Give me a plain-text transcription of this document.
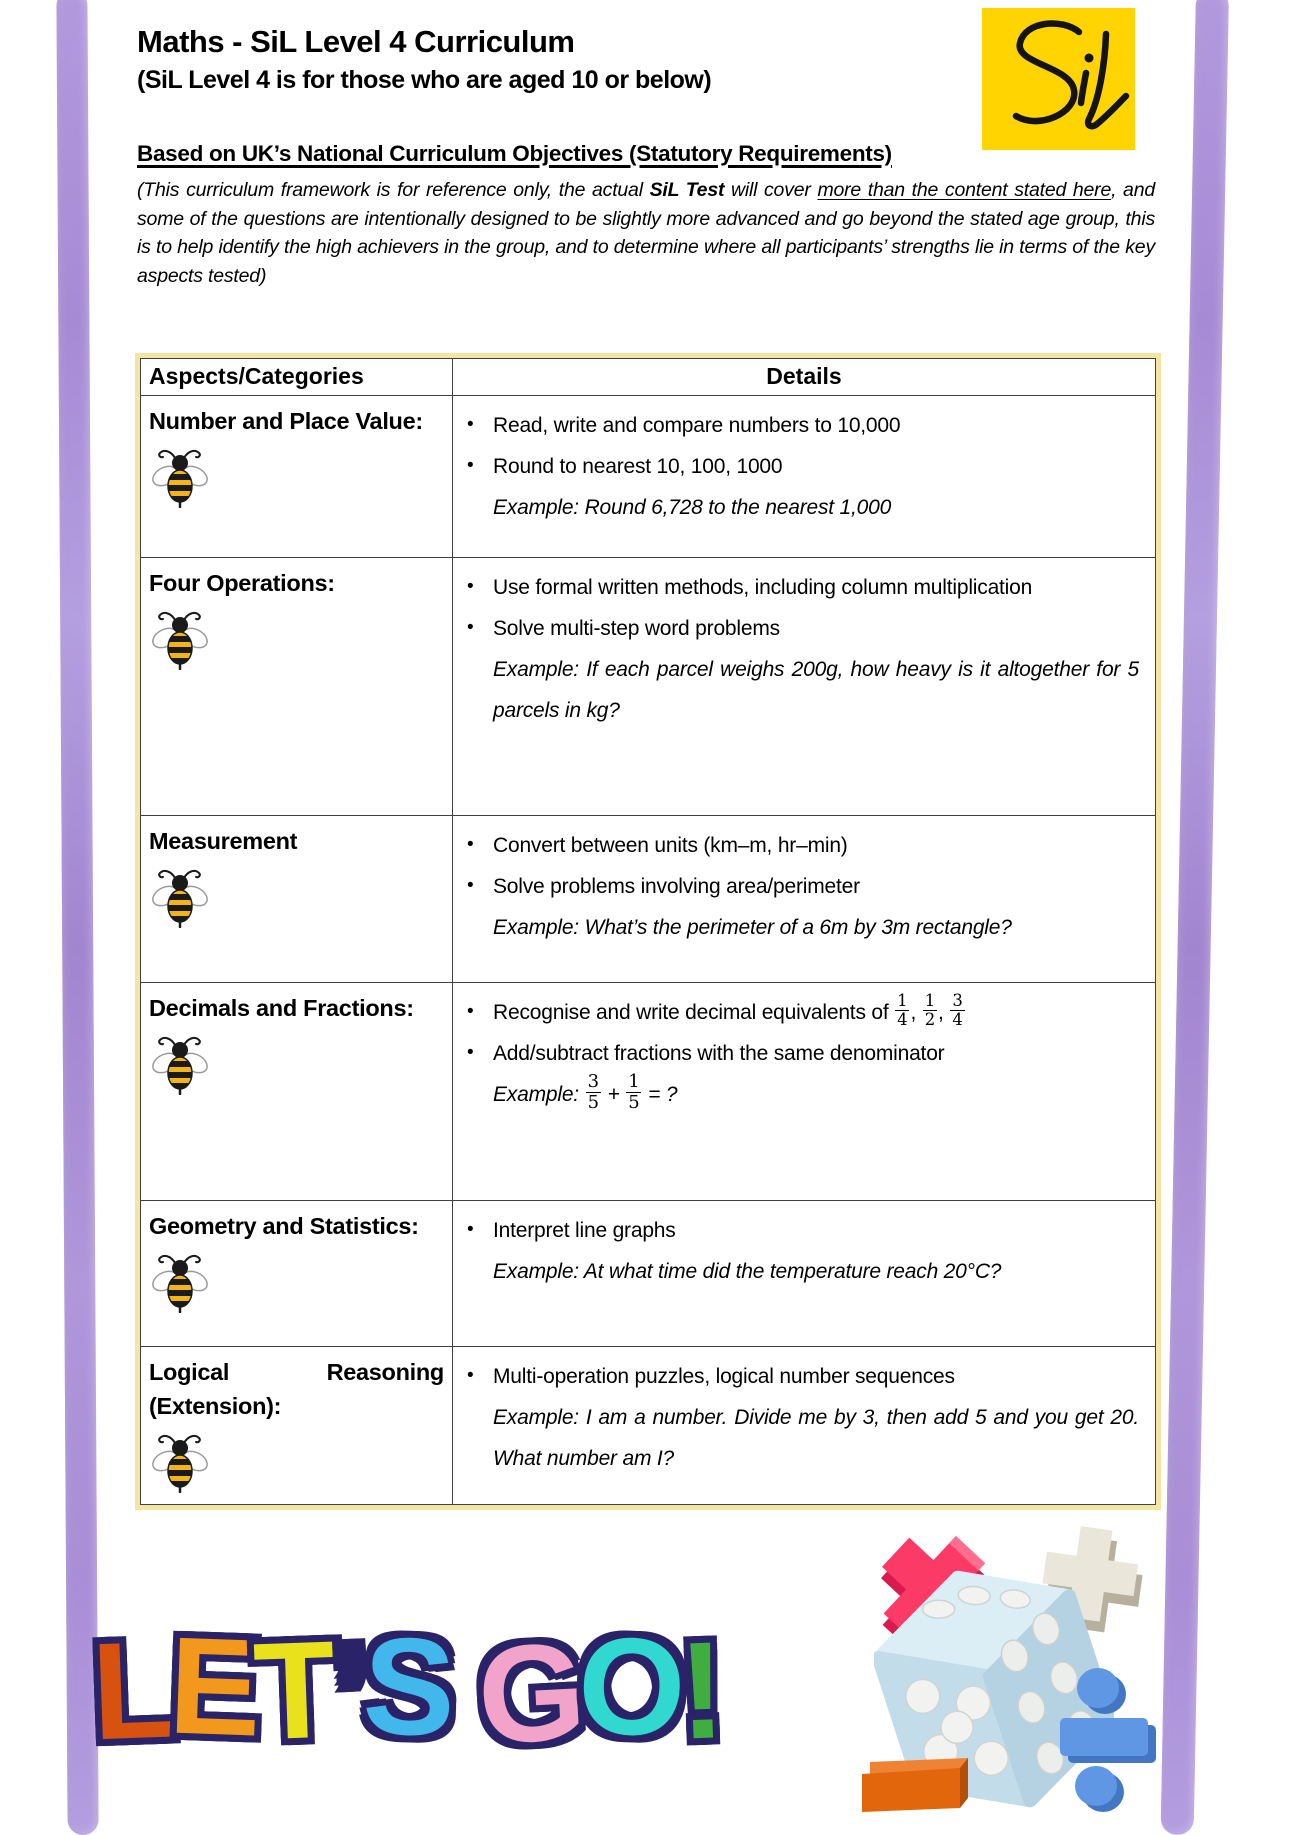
Maths - SiL Level 4 Curriculum
(SiL Level 4 is for those who are aged 10 or below)
Based on UK’s National Curriculum Objectives (Statutory Requirements)
(This curriculum framework is for reference only, the actual SiL Test will cover more than the content stated here, and some of the questions are intentionally designed to be slightly more advanced and go beyond the stated age group, this is to help identify the high achievers in the group, and to determine where all participants’ strengths lie in terms of the key aspects tested)
Aspects/Categories	Details
Number and Place Value:	• Read, write and compare numbers to 10,000
• Round to nearest 10, 100, 1000
Example: Round 6,728 to the nearest 1,000

Four Operations:	• Use formal written methods, including column multiplication
• Solve multi-step word problems
Example: If each parcel weighs 200g, how heavy is it altogether for 5 parcels in kg?

Measurement	• Convert between units (km–m, hr–min)
• Solve problems involving area/perimeter
Example: What’s the perimeter of a 6m by 3m rectangle?

Decimals and Fractions:	• Recognise and write decimal equivalents of $\frac{1}{4}$ , $\frac{1}{2}$ , $\frac{3}{4}$
• Add/subtract fractions with the same denominator
Example: $\frac{3}{5} + \frac{1}{5}$ = ?

Geometry and Statistics:	• Interpret line graphs
Example: At what time did the temperature reach 20°C?

Logical Reasoning (Extension):	• Multi-operation puzzles, logical number sequences
Example: I am a number. Divide me by 3, then add 5 and you get 20. What number am I?
LET’S GO!
